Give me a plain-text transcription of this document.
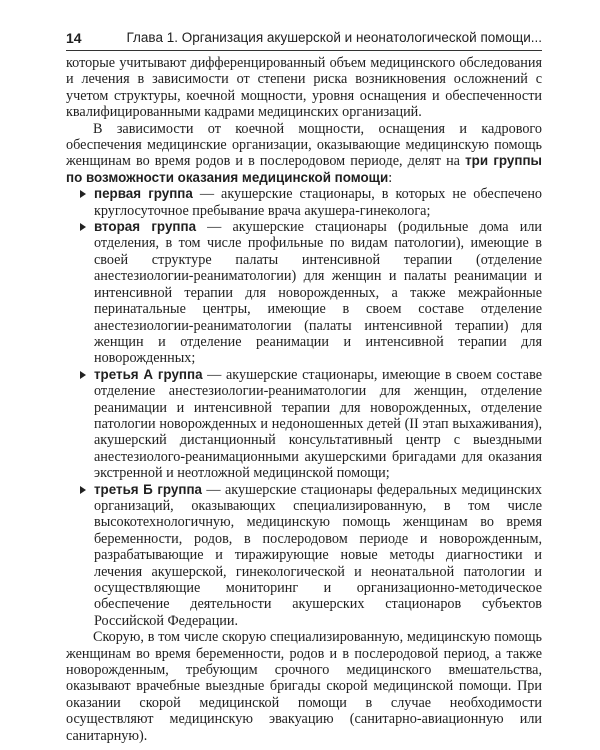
14	Глава 1. Организация акушерской и неонатологической помощи...

которые учитывают дифференцированный объем медицинского обследования и лечения в зависимости от степени риска возникновения осложнений с учетом структуры, коечной мощности, уровня оснащения и обеспеченности квалифицированными кадрами медицинских организаций.

В зависимости от коечной мощности, оснащения и кадрового обеспечения медицинские организации, оказывающие медицинскую помощь женщинам во время родов и в послеродовом периоде, делят на три группы по возможности оказания медицинской помощи:

первая группа — акушерские стационары, в которых не обеспечено круглосуточное пребывание врача акушера-гинеколога;
вторая группа — акушерские стационары (родильные дома или отделения, в том числе профильные по видам патологии), имеющие в своей структуре палаты интенсивной терапии (отделение анестезиологии-реаниматологии) для женщин и палаты реанимации и интенсивной терапии для новорожденных, а также межрайонные перинатальные центры, имеющие в своем составе отделение анестезиологии-реаниматологии (палаты интенсивной терапии) для женщин и отделение реанимации и интенсивной терапии для новорожденных;
третья А группа — акушерские стационары, имеющие в своем составе отделение анестезиологии-реаниматологии для женщин, отделение реанимации и интенсивной терапии для новорожденных, отделение патологии новорожденных и недоношенных детей (II этап выхаживания), акушерский дистанционный консультативный центр с выездными анестезиолого-реанимационными акушерскими бригадами для оказания экстренной и неотложной медицинской помощи;
третья Б группа — акушерские стационары федеральных медицинских организаций, оказывающих специализированную, в том числе высокотехнологичную, медицинскую помощь женщинам во время беременности, родов, в послеродовом периоде и новорожденным, разрабатывающие и тиражирующие новые методы диагностики и лечения акушерской, гинекологической и неонатальной патологии и осуществляющие мониторинг и организационно-методическое обеспечение деятельности акушерских стационаров субъектов Российской Федерации.

Скорую, в том числе скорую специализированную, медицинскую помощь женщинам во время беременности, родов и в послеродовой период, а также новорожденным, требующим срочного медицинского вмешательства, оказывают врачебные выездные бригады скорой медицинской помощи. При оказании скорой медицинской помощи в случае необходимости осуществляют медицинскую эвакуацию (санитарно-авиационную или санитарную).
